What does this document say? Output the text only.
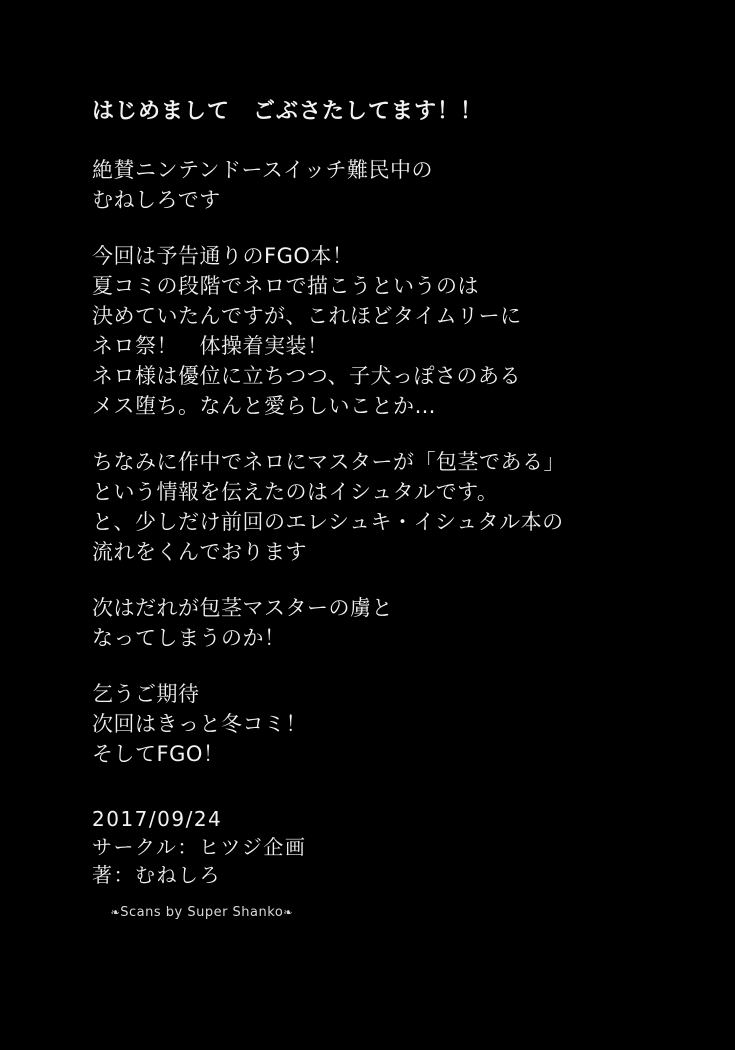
はじめまして　ごぶさたしてます！！
絶賛ニンテンドースイッチ難民中の
むねしろです
今回は予告通りのFGO本！
夏コミの段階でネロで描こうというのは
決めていたんですが、これほどタイムリーに
ネロ祭！　体操着実装！
ネロ様は優位に立ちつつ、子犬っぽさのある
メス堕ち。なんと愛らしいことか…
ちなみに作中でネロにマスターが「包茎である」
という情報を伝えたのはイシュタルです。
と、少しだけ前回のエレシュキ・イシュタル本の
流れをくんでおります
次はだれが包茎マスターの虜と
なってしまうのか！
乞うご期待
次回はきっと冬コミ！
そしてFGO！
2017/09/24
サークル：ヒツジ企画
著：むねしろ

❧Scans by Super Shanko❧
